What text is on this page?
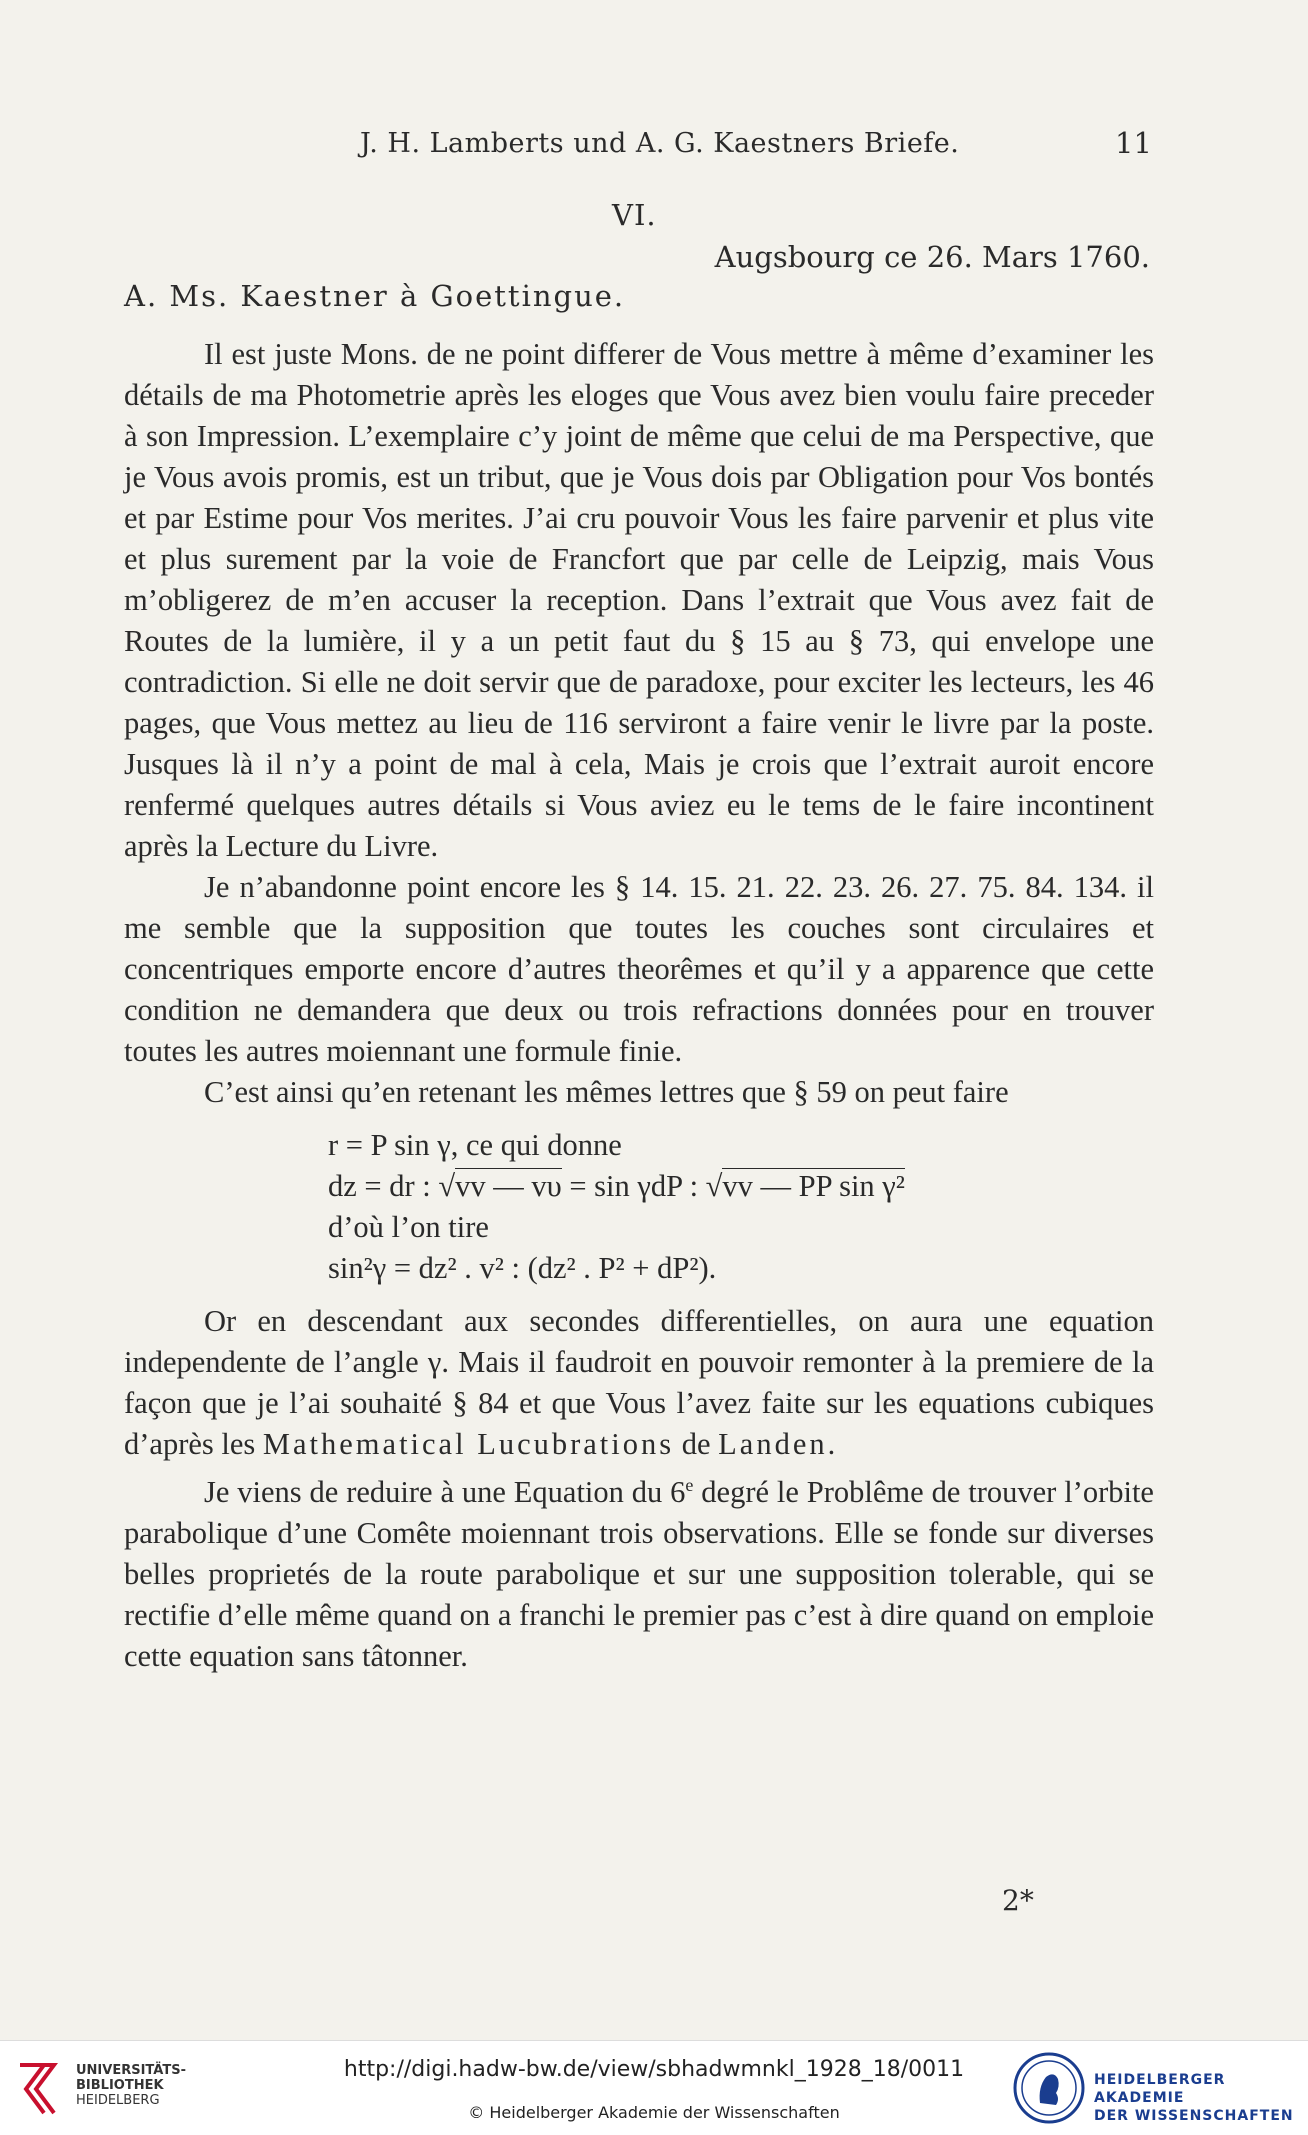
J. H. Lamberts und A. G. Kaestners Briefe.	11
VI.
Augsbourg ce 26. Mars 1760.
A. Ms. Kaestner à Goettingue.

Il est juste Mons. de ne point differer de Vous mettre à même d’examiner les détails de ma Photometrie après les eloges que Vous avez bien voulu faire preceder à son Impression. L’exemplaire c’y joint de même que celui de ma Perspective, que je Vous avois promis, est un tribut, que je Vous dois par Obligation pour Vos bontés et par Estime pour Vos merites. J’ai cru pouvoir Vous les faire parvenir et plus vite et plus surement par la voie de Francfort que par celle de Leipzig, mais Vous m’obligerez de m’en accuser la reception. Dans l’extrait que Vous avez fait de Routes de la lumière, il y a un petit faut du § 15 au § 73, qui envelope une contradiction. Si elle ne doit servir que de paradoxe, pour exciter les lecteurs, les 46 pages, que Vous mettez au lieu de 116 serviront a faire venir le livre par la poste. Jusques là il n’y a point de mal à cela, Mais je crois que l’extrait auroit encore renfermé quelques autres détails si Vous aviez eu le tems de le faire incontinent après la Lecture du Livre.

Je n’abandonne point encore les § 14. 15. 21. 22. 23. 26. 27. 75. 84. 134. il me semble que la supposition que toutes les couches sont circulaires et concentriques emporte encore d’autres theorêmes et qu’il y a apparence que cette condition ne demandera que deux ou trois refractions données pour en trouver toutes les autres moiennant une formule finie.

C’est ainsi qu’en retenant les mêmes lettres que § 59 on peut faire

r = P sin γ, ce qui donne
dz = dr : √vv — vυ = sin γdP : √vv — PP sin γ²
d’où l’on tire
sin²γ = dz² . v² : (dz² . P² + dP²).

Or en descendant aux secondes differentielles, on aura une equation independente de l’angle γ. Mais il faudroit en pouvoir remonter à la premiere de la façon que je l’ai souhaité § 84 et que Vous l’avez faite sur les equations cubiques d’après les Mathematical Lucubrations de Landen.

Je viens de reduire à une Equation du 6e degré le Problême de trouver l’orbite parabolique d’une Comête moiennant trois observations. Elle se fonde sur diverses belles proprietés de la route parabolique et sur une supposition tolerable, qui se rectifie d’elle même quand on a franchi le premier pas c’est à dire quand on emploie cette equation sans tâtonner.

2*
UNIVERSITÄTS-
BIBLIOTHEK
HEIDELBERG
http://digi.hadw-bw.de/view/sbhadwmnkl_1928_18/0011
© Heidelberger Akademie der Wissenschaften
HEIDELBERGER AKADEMIE
DER WISSENSCHAFTEN
